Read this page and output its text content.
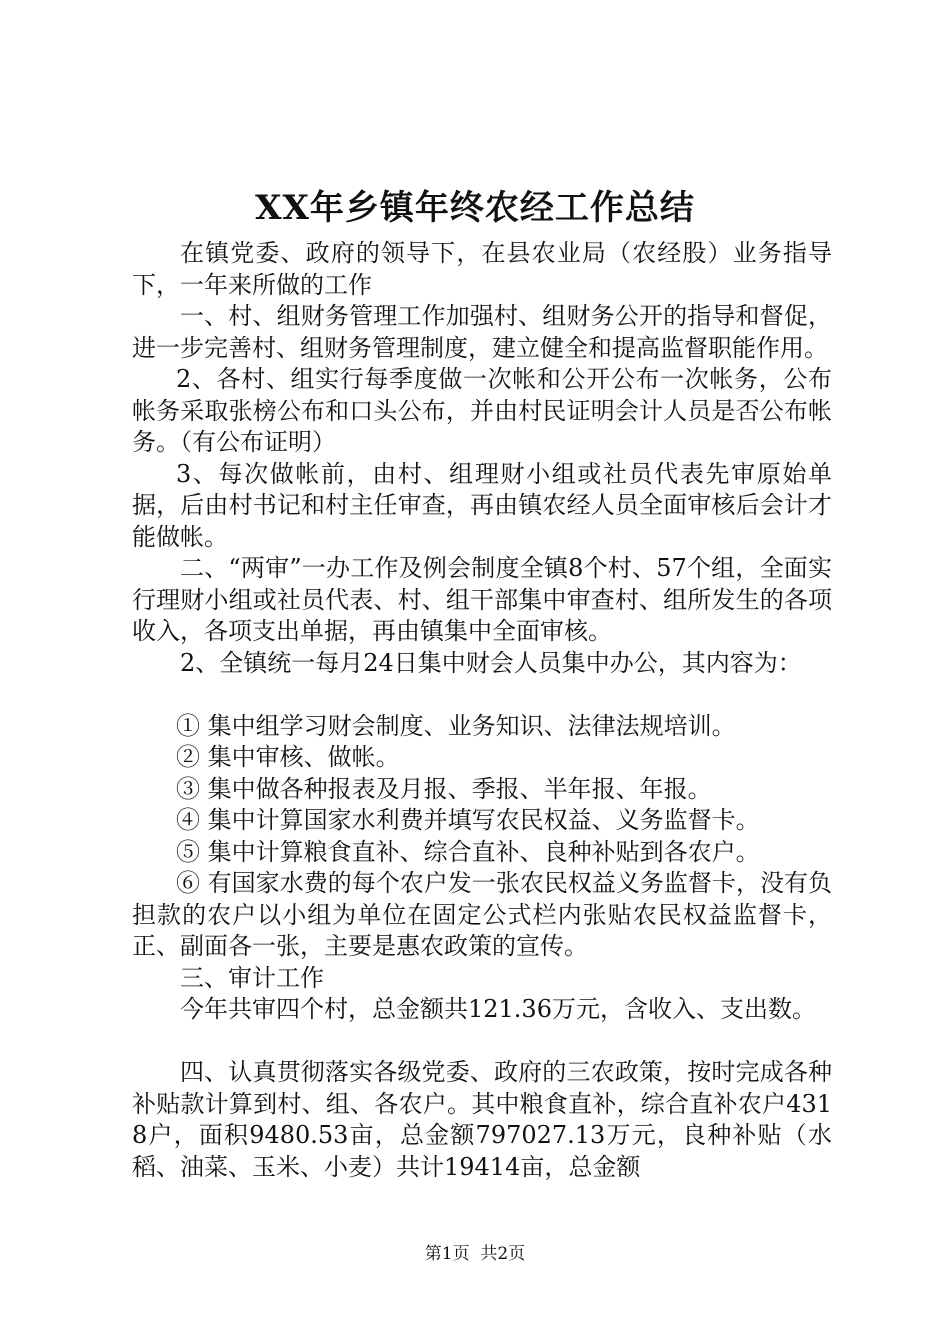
XX年乡镇年终农经工作总结

在镇党委、政府的领导下，在县农业局（农经股）业务指导下，一年来所做的工作

一、村、组财务管理工作加强村、组财务公开的指导和督促，进一步完善村、组财务管理制度，建立健全和提高监督职能作用。

2、各村、组实行每季度做一次帐和公开公布一次帐务，公布帐务采取张榜公布和口头公布，并由村民证明会计人员是否公布帐务。（有公布证明）

3、每次做帐前，由村、组理财小组或社员代表先审原始单据，后由村书记和村主任审查，再由镇农经人员全面审核后会计才能做帐。

二、“两审”一办工作及例会制度全镇8个村、57个组，全面实行理财小组或社员代表、村、组干部集中审查村、组所发生的各项收入，各项支出单据，再由镇集中全面审核。

2、全镇统一每月24日集中财会人员集中办公，其内容为：

① 集中组学习财会制度、业务知识、法律法规培训。

② 集中审核、做帐。

③ 集中做各种报表及月报、季报、半年报、年报。

④ 集中计算国家水利费并填写农民权益、义务监督卡。

⑤ 集中计算粮食直补、综合直补、良种补贴到各农户。

⑥ 有国家水费的每个农户发一张农民权益义务监督卡，没有负担款的农户以小组为单位在固定公式栏内张贴农民权益监督卡，正、副面各一张，主要是惠农政策的宣传。

三、审计工作

今年共审四个村，总金额共121.36万元，含收入、支出数。

四、认真贯彻落实各级党委、政府的三农政策，按时完成各种补贴款计算到村、组、各农户。其中粮食直补，综合直补农户4318户，面积9480.53亩，总金额797027.13万元，良种补贴（水稻、油菜、玉米、小麦）共计19414亩，总金额

第1页  共2页
